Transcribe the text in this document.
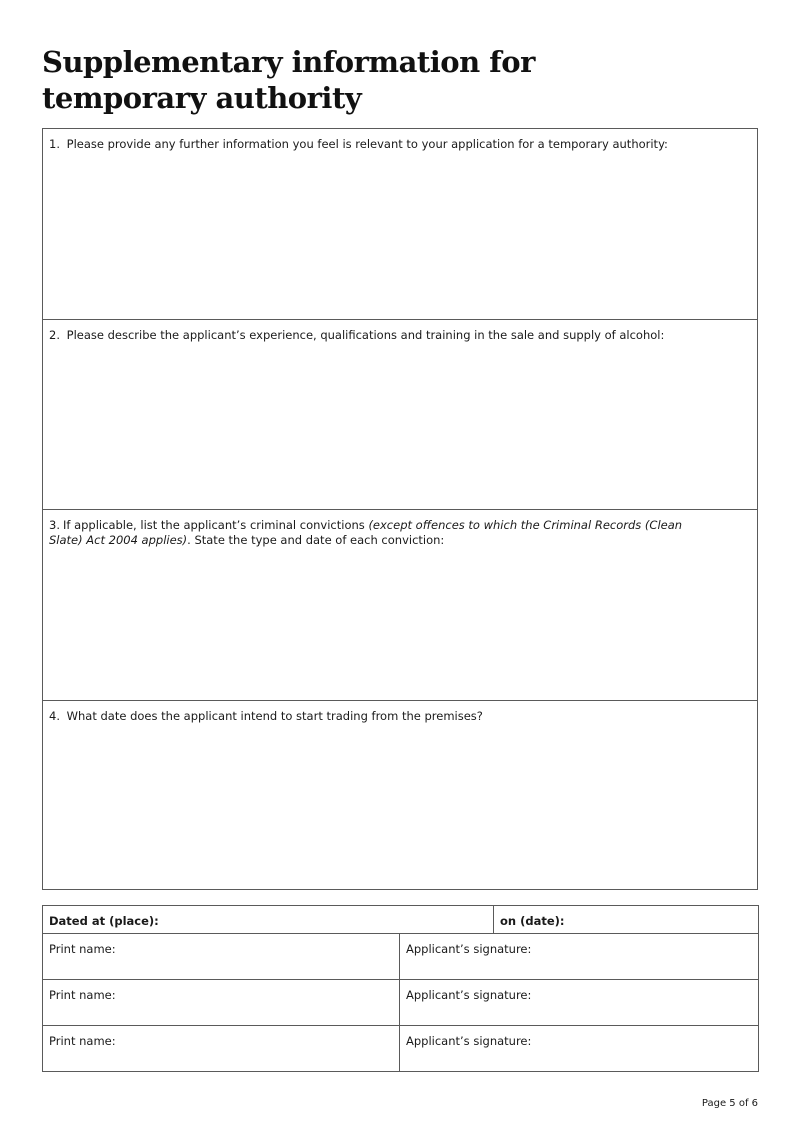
Supplementary information for
temporary authority
1. Please provide any further information you feel is relevant to your application for a temporary authority:
2. Please describe the applicant’s experience, qualifications and training in the sale and supply of alcohol:
3. If applicable, list the applicant’s criminal convictions (except offences to which the Criminal Records (Clean Slate) Act 2004 applies). State the type and date of each conviction:
4. What date does the applicant intend to start trading from the premises?
Dated at (place):		on (date):

Print name:	Applicant’s signature:	

Print name:	Applicant’s signature:	

Print name:	Applicant’s signature:	
Page 5 of 6
